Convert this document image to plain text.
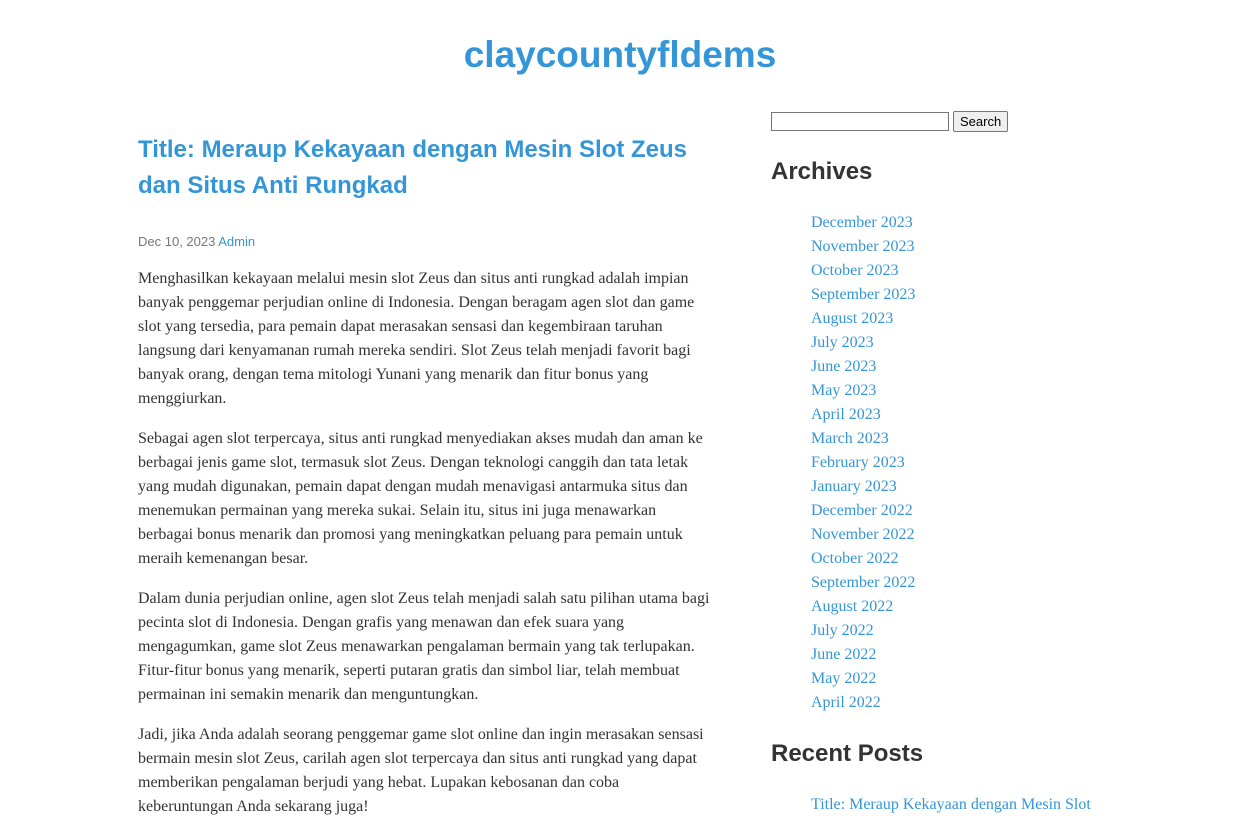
claycountyfldems
Title: Meraup Kekayaan dengan Mesin Slot Zeus dan Situs Anti Rungkad
Dec 10, 2023 Admin

Menghasilkan kekayaan melalui mesin slot Zeus dan situs anti rungkad adalah impian banyak penggemar perjudian online di Indonesia. Dengan beragam agen slot dan game slot yang tersedia, para pemain dapat merasakan sensasi dan kegembiraan taruhan langsung dari kenyamanan rumah mereka sendiri. Slot Zeus telah menjadi favorit bagi banyak orang, dengan tema mitologi Yunani yang menarik dan fitur bonus yang menggiurkan.

Sebagai agen slot terpercaya, situs anti rungkad menyediakan akses mudah dan aman ke berbagai jenis game slot, termasuk slot Zeus. Dengan teknologi canggih dan tata letak yang mudah digunakan, pemain dapat dengan mudah menavigasi antarmuka situs dan menemukan permainan yang mereka sukai. Selain itu, situs ini juga menawarkan berbagai bonus menarik dan promosi yang meningkatkan peluang para pemain untuk meraih kemenangan besar.

Dalam dunia perjudian online, agen slot Zeus telah menjadi salah satu pilihan utama bagi pecinta slot di Indonesia. Dengan grafis yang menawan dan efek suara yang mengagumkan, game slot Zeus menawarkan pengalaman bermain yang tak terlupakan. Fitur-fitur bonus yang menarik, seperti putaran gratis dan simbol liar, telah membuat permainan ini semakin menarik dan menguntungkan.

Jadi, jika Anda adalah seorang penggemar game slot online dan ingin merasakan sensasi bermain mesin slot Zeus, carilah agen slot terpercaya dan situs anti rungkad yang dapat memberikan pengalaman berjudi yang hebat. Lupakan kebosanan dan coba keberuntungan Anda sekarang juga!

Search
Archives
December 2023
November 2023
October 2023
September 2023
August 2023
July 2023
June 2023
May 2023
April 2023
March 2023
February 2023
January 2023
December 2022
November 2022
October 2022
September 2022
August 2022
July 2022
June 2022
May 2022
April 2022
Recent Posts
Title: Meraup Kekayaan dengan Mesin Slot
